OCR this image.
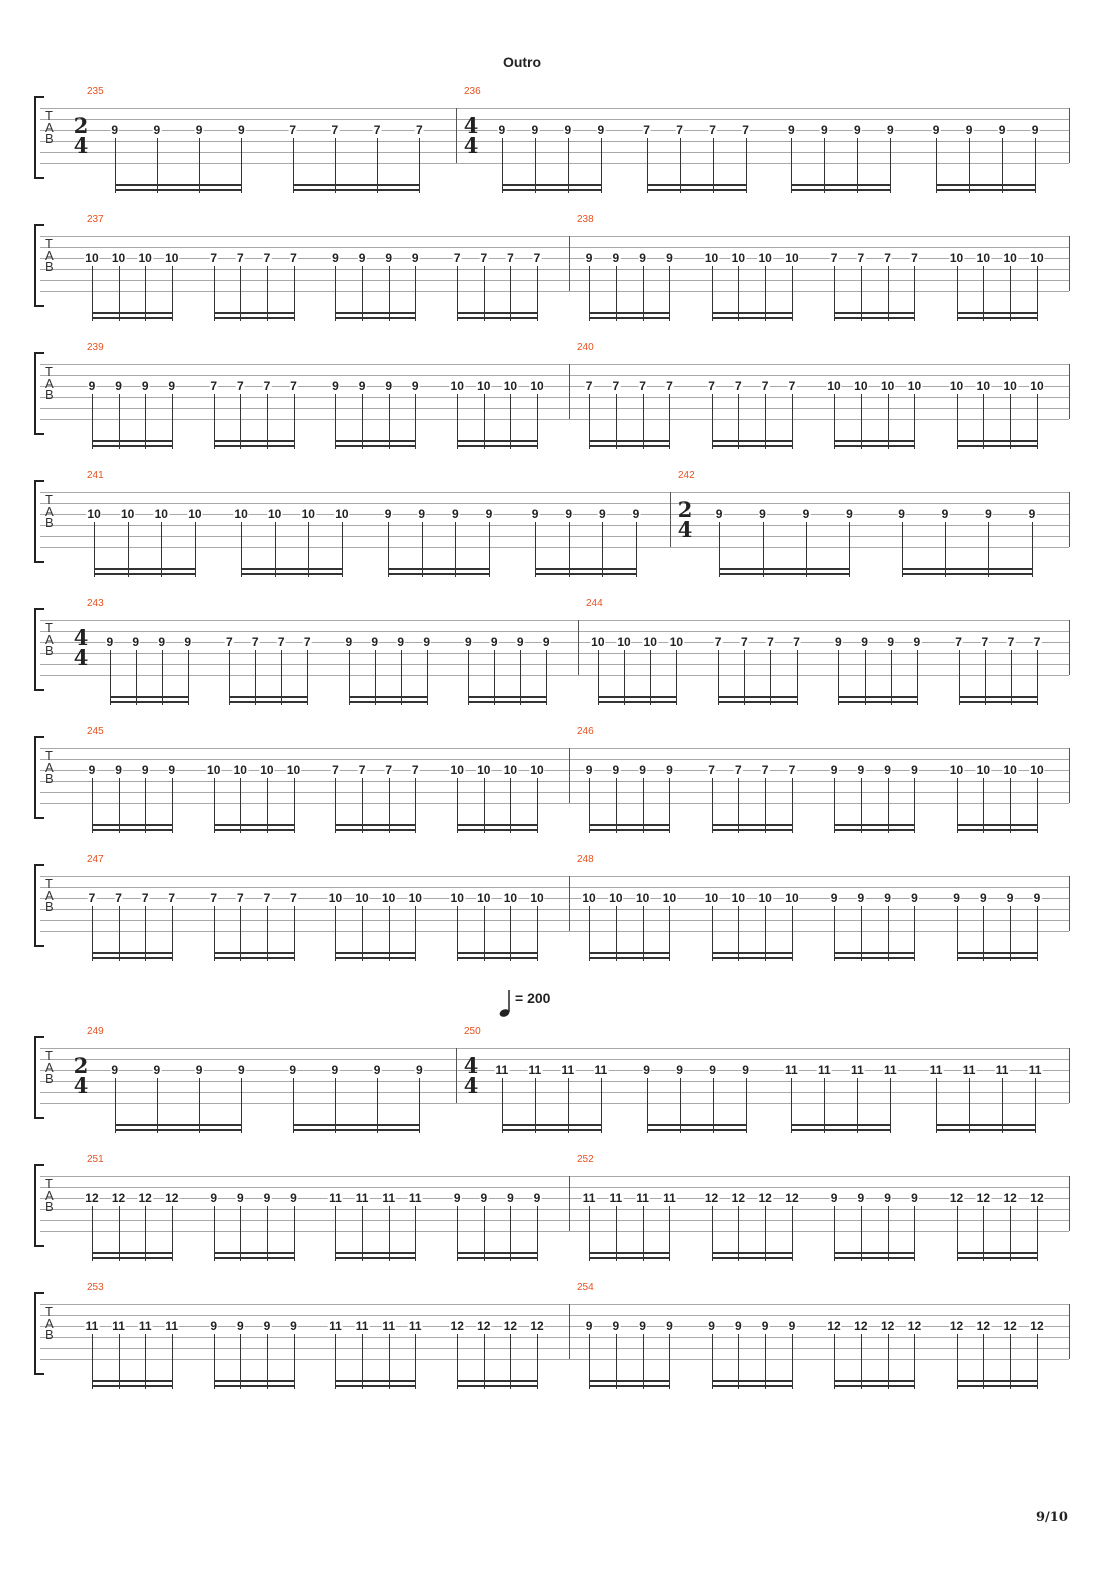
Outro
= 200
T
A
B
235
2
4
9	9	9	9	7	7	7	7
236
4
4
9 9 9 9	7 7 7 7	9 9 9 9	9 9 9 9
T
A
B
237
10 10 10 10	7 7 7 7	9 9 9 9	7 7 7 7
238
9 9 9 9	10 10 10 10	7 7 7 7	10 10 10 10
T
A
B
239
9 9 9 9	7 7 7 7	9 9 9 9	10 10 10 10
240
7 7 7 7	7 7 7 7	10 10 10 10 10 10 10 10
T
A
B
241
10 10 10 10	10 10 10 10	9 9 9 9	9 9 9 9
242
2
4
9	9	9	9	9	9	9	9
T
A
B
243
4
4
9 9 9 9	7 7 7 7	9 9 9 9	9 9 9 9
244
10 10 10 10	7 7 7 7	9 9 9 9	7 7 7 7
T
A
B
245
9 9 9 9	10 10 10 10	7 7 7 7	10 10 10 10
246
9 9 9 9	7 7 7 7	9 9 9 9	10 10 10 10
T
A
B
247
7 7 7 7	7 7 7 7	10 10 10 10 10 10 10 10
248
10 10 10 10 10 10 10 10	9 9 9 9	9 9 9 9
T
A
B
249
2
4
9	9	9	9	9	9	9	9
250
4
4
11 11 11 11	9 9 9 9	11 11 11 11	11 11 11 11
T
A
B
251
12 12 12 12	9 9 9 9	11 11 11 11	9 9 9 9
252
11 11 11 11 12 12 12 12	9 9 9 9	12 12 12 12
T
A
B
253
11 11 11 11	9 9 9 9	11 11 11 11 12 12 12 12
254
9 9 9 9	9 9 9 9	12 12 12 12 12 12 12 12
9/10
